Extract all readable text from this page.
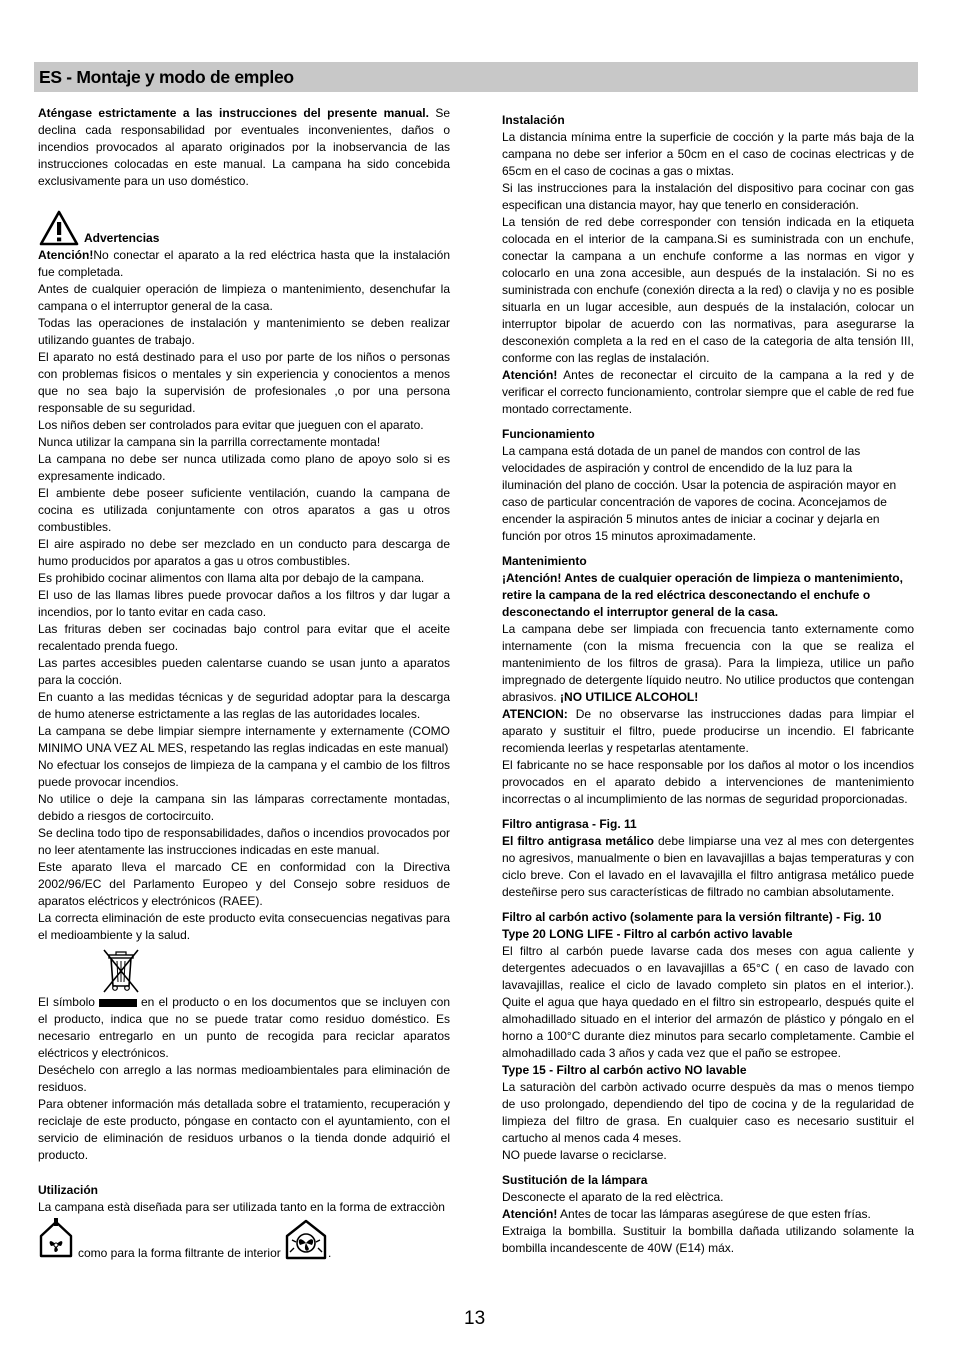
ES - Montaje y modo de empleo

Aténgase estrictamente a las instrucciones del presente manual. Se declina cada responsabilidad por eventuales inconvenientes, daños o incendios provocados al aparato originados por la inobservancia de las instrucciones colocadas en este manual. La campana ha sido concebida exclusivamente para un uso doméstico.

Advertencias

Atención!No conectar el aparato a la red eléctrica hasta que la instalación fue completada.

Antes de cualquier operación de limpieza o mantenimiento, desenchufar la campana o el interruptor general de la casa.

Todas las operaciones de instalación y mantenimiento se deben realizar utilizando guantes de trabajo.

El aparato no está destinado para el uso por parte de los niños o personas con problemas fisicos o mentales y sin experiencia y conocientos a menos que no sea bajo la supervisión de profesionales ,o por una persona responsable de su seguridad.

Los niños deben ser controlados para evitar que jueguen con el aparato.

Nunca utilizar la campana sin la parrilla correctamente montada!

La campana no debe ser nunca utilizada como plano de apoyo solo si es expresamente indicado.

El ambiente debe poseer suficiente ventilación, cuando la campana de cocina es utilizada conjuntamente con otros aparatos a gas u otros combustibles.

El aire aspirado no debe ser mezclado en un conducto para descarga de humo producidos por aparatos a gas u otros combustibles.

Es prohibido cocinar alimentos con llama alta por debajo de la campana.

El uso de las llamas libres puede provocar daños a los filtros y dar lugar a incendios, por lo tanto evitar en cada caso.

Las frituras deben ser cocinadas bajo control para evitar que el aceite recalentado prenda fuego.

Las partes accesibles pueden calentarse cuando se usan junto a aparatos para la cocción.

En cuanto a las medidas técnicas y de seguridad adoptar para la descarga de humo atenerse estrictamente a las reglas de las autoridades locales.

La campana se debe limpiar siempre internamente y externamente (COMO MINIMO UNA VEZ AL MES, respetando las reglas indicadas en este manual)

No efectuar los consejos de limpieza de la campana y el cambio de los filtros puede provocar incendios.

No utilice o deje la campana sin las lámparas correctamente montadas, debido a riesgos de cortocircuito.

Se declina todo tipo de responsabilidades, daños o incendios provocados por no leer atentamente las instrucciones indicadas en este manual.

Este aparato lleva el marcado CE en conformidad con la Directiva 2002/96/EC del Parlamento Europeo y del Consejo sobre residuos de aparatos eléctricos y electrónicos (RAEE).

La correcta eliminación de este producto evita consecuencias negativas para el medioambiente y la salud.

El símbolo	en el producto o en los documentos que se incluyen con el producto, indica que no se puede tratar como residuo doméstico. Es necesario entregarlo en un punto de recogida para reciclar aparatos eléctricos y electrónicos.

Deséchelo con arreglo a las normas medioambientales para eliminación de residuos.

Para obtener información más detallada sobre el tratamiento, recuperación y reciclaje de este producto, póngase en contacto con el ayuntamiento, con el servicio de eliminación de residuos urbanos o la tienda donde adquirió el producto.

Utilización

La campana està diseñada para ser utilizada tanto en la forma de extracciòn

como para la forma filtrante de interior	.

Instalación

La distancia mínima entre la superficie de cocción y la parte más baja de la campana no debe ser inferior a 50cm en el caso de cocinas electricas y de 65cm en el caso de cocinas a gas o mixtas.

Si las instrucciones para la instalación del dispositivo para cocinar con gas especifican una distancia mayor, hay que tenerlo en consideración.

La tensión de red debe corresponder con tensión indicada en la etiqueta colocada en el interior de la campana.Si es suministrada con un enchufe, conectar la campana a un enchufe conforme a las normas en vigor y colocarlo en una zona accesible, aun después de la instalación. Si no es suministrada con enchufe (conexión directa a la red) o clavija y no es posible situarla en un lugar accesible, aun después de la instalación, colocar un interruptor bipolar de acuerdo con las normativas, para asegurarse la desconexión completa a la red en el caso de la categoria de alta tensión III, conforme con las reglas de instalación.

Atención! Antes de reconectar el circuito de la campana a la red y de verificar el correcto funcionamiento, controlar siempre que el cable de red fue montado correctamente.

Funcionamiento

La campana está dotada de un panel de mandos con control de las velocidades de aspiración y control de encendido de la luz para la iluminación del plano de cocción. Usar la potencia de aspiración mayor en caso de particular concentración de vapores de cocina. Aconcejamos de encender la aspiración 5 minutos antes de iniciar a cocinar y dejarla en función por otros 15 minutos aproximadamente.

Mantenimiento

¡Atención! Antes de cualquier operación de limpieza o mantenimiento, retire la campana de la red eléctrica desconectando el enchufe o desconectando el interruptor general de la casa.

La campana debe ser limpiada con frecuencia tanto externamente como internamente (con la misma frecuencia con la que se realiza el mantenimiento de los filtros de grasa). Para la limpieza, utilice un paño impregnado de detergente líquido neutro. No utilice productos que contengan abrasivos. ¡NO UTILICE ALCOHOL!

ATENCION: De no observarse las instrucciones dadas para limpiar el aparato y sustituir el filtro, puede producirse un incendio. El fabricante recomienda leerlas y respetarlas atentamente.

El fabricante no se hace responsable por los daños al motor o los incendios provocados en el aparato debido a intervenciones de mantenimiento incorrectas o al incumplimiento de las normas de seguridad proporcionadas.

Filtro antigrasa - Fig. 11

El filtro antigrasa metálico debe limpiarse una vez al mes con detergentes no agresivos, manualmente o bien en lavavajillas a bajas temperaturas y con ciclo breve. Con el lavado en el lavavajilla el filtro antigrasa metálico puede desteñirse pero sus características de filtrado no cambian absolutamente.

Filtro al carbón activo (solamente para la versión filtrante) - Fig. 10

Type 20 LONG LIFE - Filtro al carbón activo lavable

El filtro al carbón puede lavarse cada dos meses con agua caliente y detergentes adecuados o en lavavajillas a 65°C ( en caso de lavado con lavavajillas, realice el ciclo de lavado completo sin platos en el interior.). Quite el agua que haya quedado en el filtro sin estropearlo, después quite el almohadillado situado en el interior del armazón de plástico y póngalo en el horno a 100°C durante diez minutos para secarlo completamente. Cambie el almohadillado cada 3 años y cada vez que el paño se estropee.

Type 15 - Filtro al carbón activo NO lavable

La saturaciòn del carbòn activado ocurre despuès da mas o menos tiempo de uso prolongado, dependiendo del tipo de cocina y de la regularidad de limpieza del filtro de grasa. En cualquier caso es necesario sustituir el cartucho al menos cada 4 meses.

NO puede lavarse o reciclarse.

Sustitución de la lámpara

Desconecte el aparato de la red elèctrica.

Atención! Antes de tocar las lámparas asegúrese de que esten frías.

Extraiga la bombilla. Sustituir la bombilla dañada utilizando solamente la bombilla incandescente de 40W (E14) máx.

13
